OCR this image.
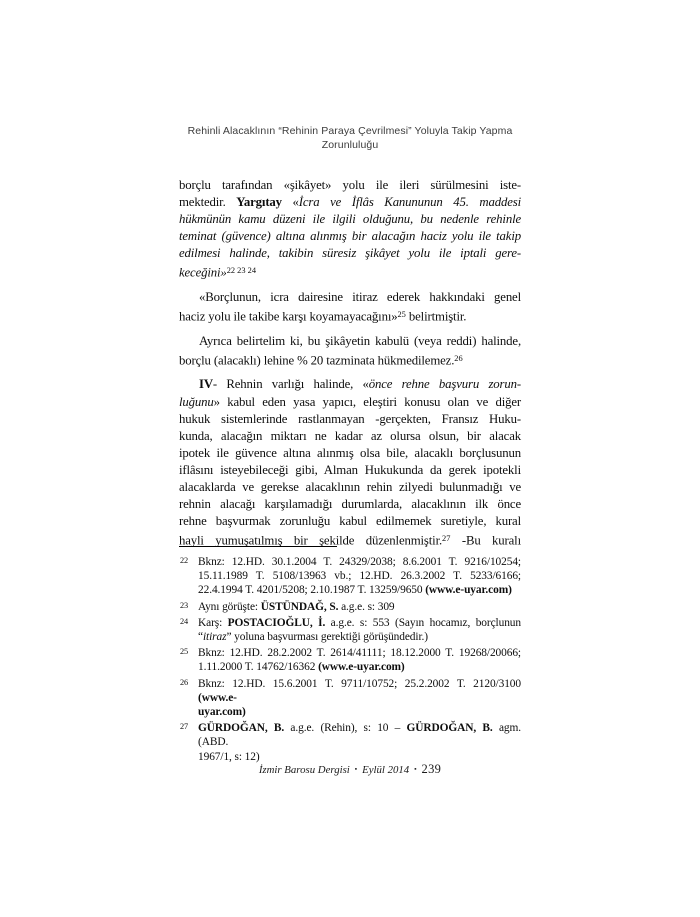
Rehinli Alacaklının “Rehinin Paraya Çevrilmesi” Yoluyla Takip Yapma
Zorunluluğu
borçlu tarafından «şikâyet» yolu ile ileri sürülmesini iste-
mektedir. Yargıtay «İcra ve İflâs Kanununun 45. maddesi
hükmünün kamu düzeni ile ilgili olduğunu, bu nedenle rehinle
teminat (güvence) altına alınmış bir alacağın haciz yolu ile takip
edilmesi halinde, takibin süresiz şikâyet yolu ile iptali gere-
keceğini»$^{22 23 24}$
«Borçlunun, icra dairesine itiraz ederek hakkındaki genel
haciz yolu ile takibe karşı koyamayacağını»$^{25}$ belirtmiştir.
Ayrıca belirtelim ki, bu şikâyetin kabulü (veya reddi) halinde,
borçlu (alacaklı) lehine % 20 tazminata hükmedilemez.$^{26}$
IV- Rehnin varlığı halinde, «önce rehne başvuru zorun-
luğunu» kabul eden yasa yapıcı, eleştiri konusu olan ve diğer
hukuk sistemlerinde rastlanmayan -gerçekten, Fransız Huku-
kunda, alacağın miktarı ne kadar az olursa olsun, bir alacak
ipotek ile güvence altına alınmış olsa bile, alacaklı borçlusunun
iflâsını isteyebileceği gibi, Alman Hukukunda da gerek ipotekli
alacaklarda ve gerekse alacaklının rehin zilyedi bulunmadığı ve
rehnin alacağı karşılamadığı durumlarda, alacaklının ilk önce
rehne başvurmak zorunluğu kabul edilmemek suretiyle, kural
hayli yumuşatılmış bir şekilde düzenlenmiştir.$^{27}$ -Bu kuralı
22 Bknz: 12.HD. 30.1.2004 T. 24329/2038; 8.6.2001 T. 9216/10254;
15.11.1989 T. 5108/13963 vb.; 12.HD. 26.3.2002 T. 5233/6166;
22.4.1994 T. 4201/5208; 2.10.1987 T. 13259/9650 (www.e-uyar.com)
23 Aynı görüşte: ÜSTÜNDAĞ, S. a.g.e. s: 309
24 Karş: POSTACIOĞLU, İ. a.g.e. s: 553 (Sayın hocamız, borçlunun
“itiraz” yoluna başvurması gerektiği görüşündedir.)
25 Bknz: 12.HD. 28.2.2002 T. 2614/41111; 18.12.2000 T. 19268/20066;
1.11.2000 T. 14762/16362 (www.e-uyar.com)
26 Bknz: 12.HD. 15.6.2001 T. 9711/10752; 25.2.2002 T. 2120/3100 (www.e-
uyar.com)
27 GÜRDOĞAN, B. a.g.e. (Rehin), s: 10 – GÜRDOĞAN, B. agm. (ABD.
1967/1, s: 12)
İzmir Barosu Dergisi ▪ Eylül 2014 ▪ 239
